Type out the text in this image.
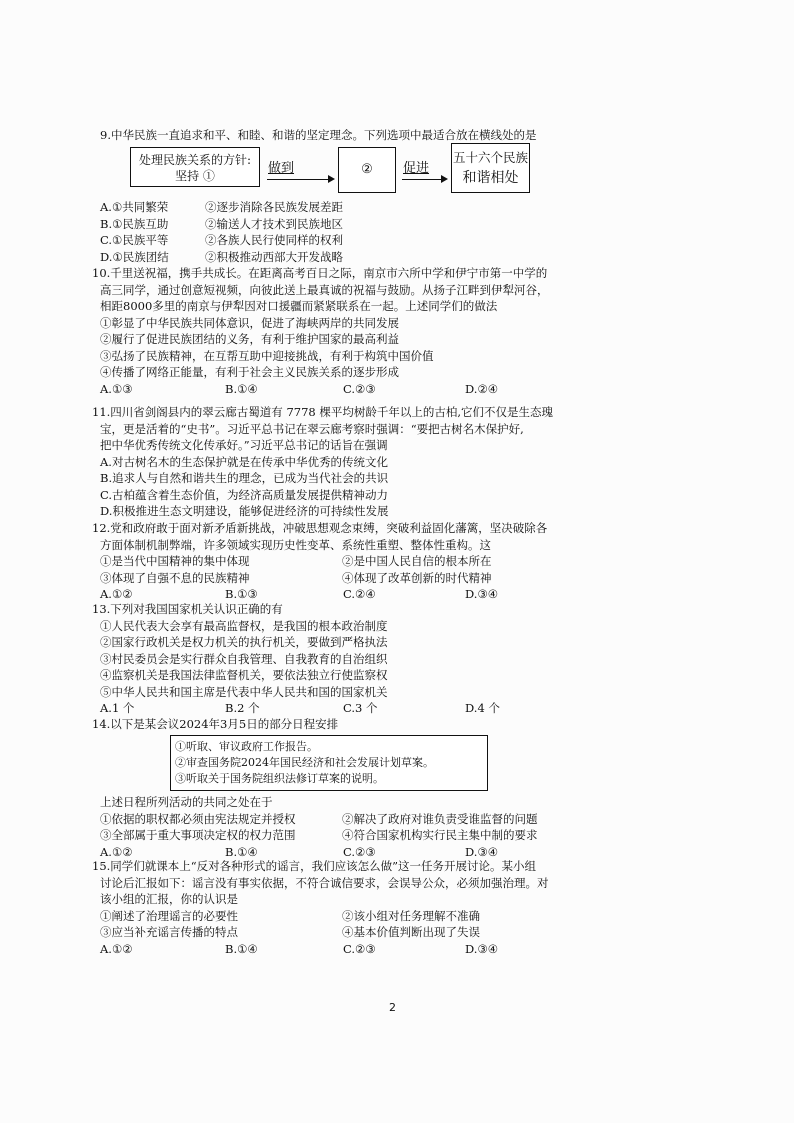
9.中华民族一直追求和平、和睦、和谐的坚定理念。下列选项中最适合放在横线处的是
处理民族关系的方针:
坚持 ①	做到	②	促进
五十六个民族
和谐相处
A.①共同繁荣	②逐步消除各民族发展差距
B.①民族互助	②输送人才技术到民族地区
C.①民族平等	②各族人民行使同样的权利
D.①民族团结	②积极推动西部大开发战略
10.千里送祝福，携手共成长。在距离高考百日之际，南京市六所中学和伊宁市第一中学的
高三同学，通过创意短视频，向彼此送上最真诚的祝福与鼓励。从扬子江畔到伊犁河谷，
相距8000多里的南京与伊犁因对口援疆而紧紧联系在一起。上述同学们的做法
①彰显了中华民族共同体意识，促进了海峡两岸的共同发展
②履行了促进民族团结的义务，有利于维护国家的最高利益
③弘扬了民族精神，在互帮互助中迎接挑战，有利于构筑中国价值
④传播了网络正能量，有利于社会主义民族关系的逐步形成
A.①③	B.①④	C.②③	D.②④
11.四川省剑阁县内的翠云廊古蜀道有 7778 棵平均树龄千年以上的古柏,它们不仅是生态瑰
宝，更是活着的“史书”。习近平总书记在翠云廊考察时强调：“要把古树名木保护好,
把中华优秀传统文化传承好。”习近平总书记的话旨在强调
A.对古树名木的生态保护就是在传承中华优秀的传统文化
B.追求人与自然和谐共生的理念，已成为当代社会的共识
C.古柏蕴含着生态价值，为经济高质量发展提供精神动力
D.积极推进生态文明建设，能够促进经济的可持续性发展
12.党和政府敢于面对新矛盾新挑战，冲破思想观念束缚，突破利益固化藩篱，坚决破除各
方面体制机制弊端，许多领域实现历史性变革、系统性重塑、整体性重构。这
①是当代中国精神的集中体现	②是中国人民自信的根本所在
③体现了自强不息的民族精神	④体现了改革创新的时代精神
A.①②	B.①③	C.②④	D.③④
13.下列对我国国家机关认识正确的有
①人民代表大会享有最高监督权，是我国的根本政治制度
②国家行政机关是权力机关的执行机关，要做到严格执法
③村民委员会是实行群众自我管理、自我教育的自治组织
④监察机关是我国法律监督机关，要依法独立行使监察权
⑤中华人民共和国主席是代表中华人民共和国的国家机关
A.1 个	B.2 个	C.3 个	D.4 个
14.以下是某会议2024年3月5日的部分日程安排
①听取、审议政府工作报告。
②审查国务院2024年国民经济和社会发展计划草案。
③听取关于国务院组织法修订草案的说明。
上述日程所列活动的共同之处在于
①依据的职权都必须由宪法规定并授权	②解决了政府对谁负责受谁监督的问题
③全部属于重大事项决定权的权力范围	④符合国家机构实行民主集中制的要求
A.①②	B.①④	C.②③	D.③④
15.同学们就课本上“反对各种形式的谣言，我们应该怎么做”这一任务开展讨论。某小组
讨论后汇报如下：谣言没有事实依据，不符合诚信要求，会误导公众，必须加强治理。对
该小组的汇报，你的认识是
①阐述了治理谣言的必要性	②该小组对任务理解不准确
③应当补充谣言传播的特点	④基本价值判断出现了失误
A.①②	B.①④	C.②③	D.③④
2
